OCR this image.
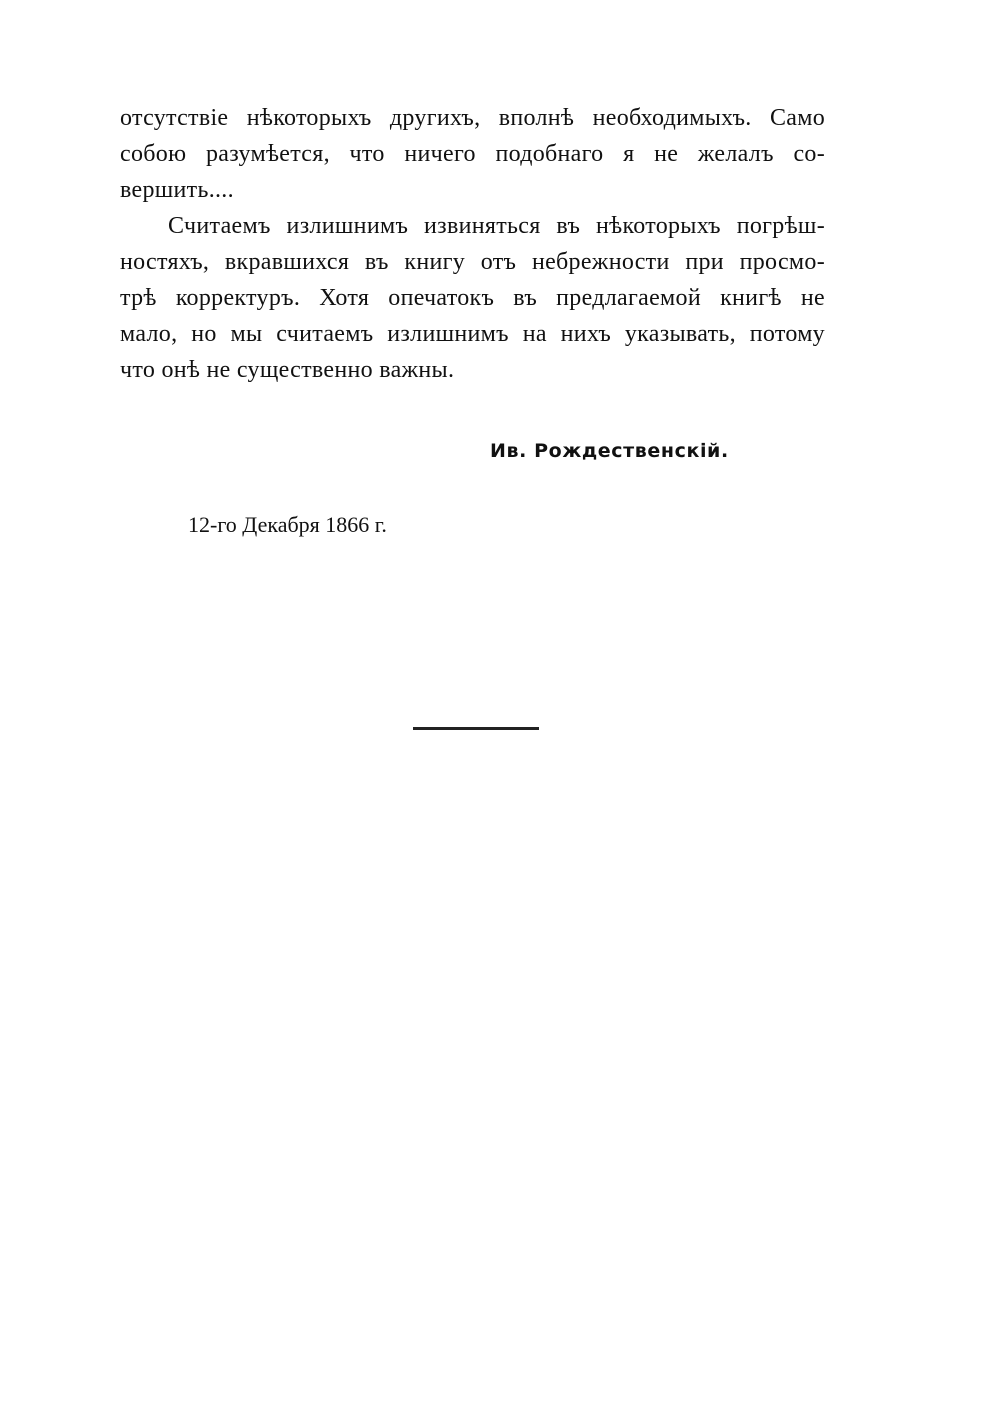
отсутствіе нѣкоторыхъ другихъ, вполнѣ необходимыхъ. Само
собою разумѣется, что ничего подобнаго я не желалъ со-
вершить....
Считаемъ излишнимъ извиняться въ нѣкоторыхъ погрѣш-
ностяхъ, вкравшихся въ книгу отъ небрежности при просмо-
трѣ корректуръ. Хотя опечатокъ въ предлагаемой книгѣ не
мало, но мы считаемъ излишнимъ на нихъ указывать, потому
что онѣ не существенно важны.
Ив. Рождественскій.
12-го Декабря 1866 г.
